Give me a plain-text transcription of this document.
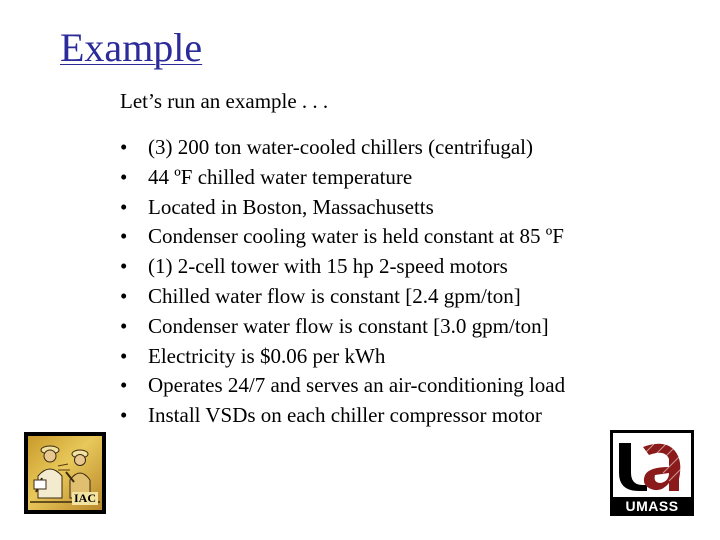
Example
Let’s run an example . . .
• (3) 200 ton water-cooled chillers (centrifugal)
• 44 ºF chilled water temperature
• Located in Boston, Massachusetts
• Condenser cooling water is held constant at 85 ºF
• (1) 2-cell tower with 15 hp 2-speed motors
• Chilled water flow is constant [2.4 gpm/ton]
• Condenser water flow is constant [3.0 gpm/ton]
• Electricity is $0.06 per kWh
• Operates 24/7 and serves an air-conditioning load
• Install VSDs on each chiller compressor motor
IAC	UMASS
